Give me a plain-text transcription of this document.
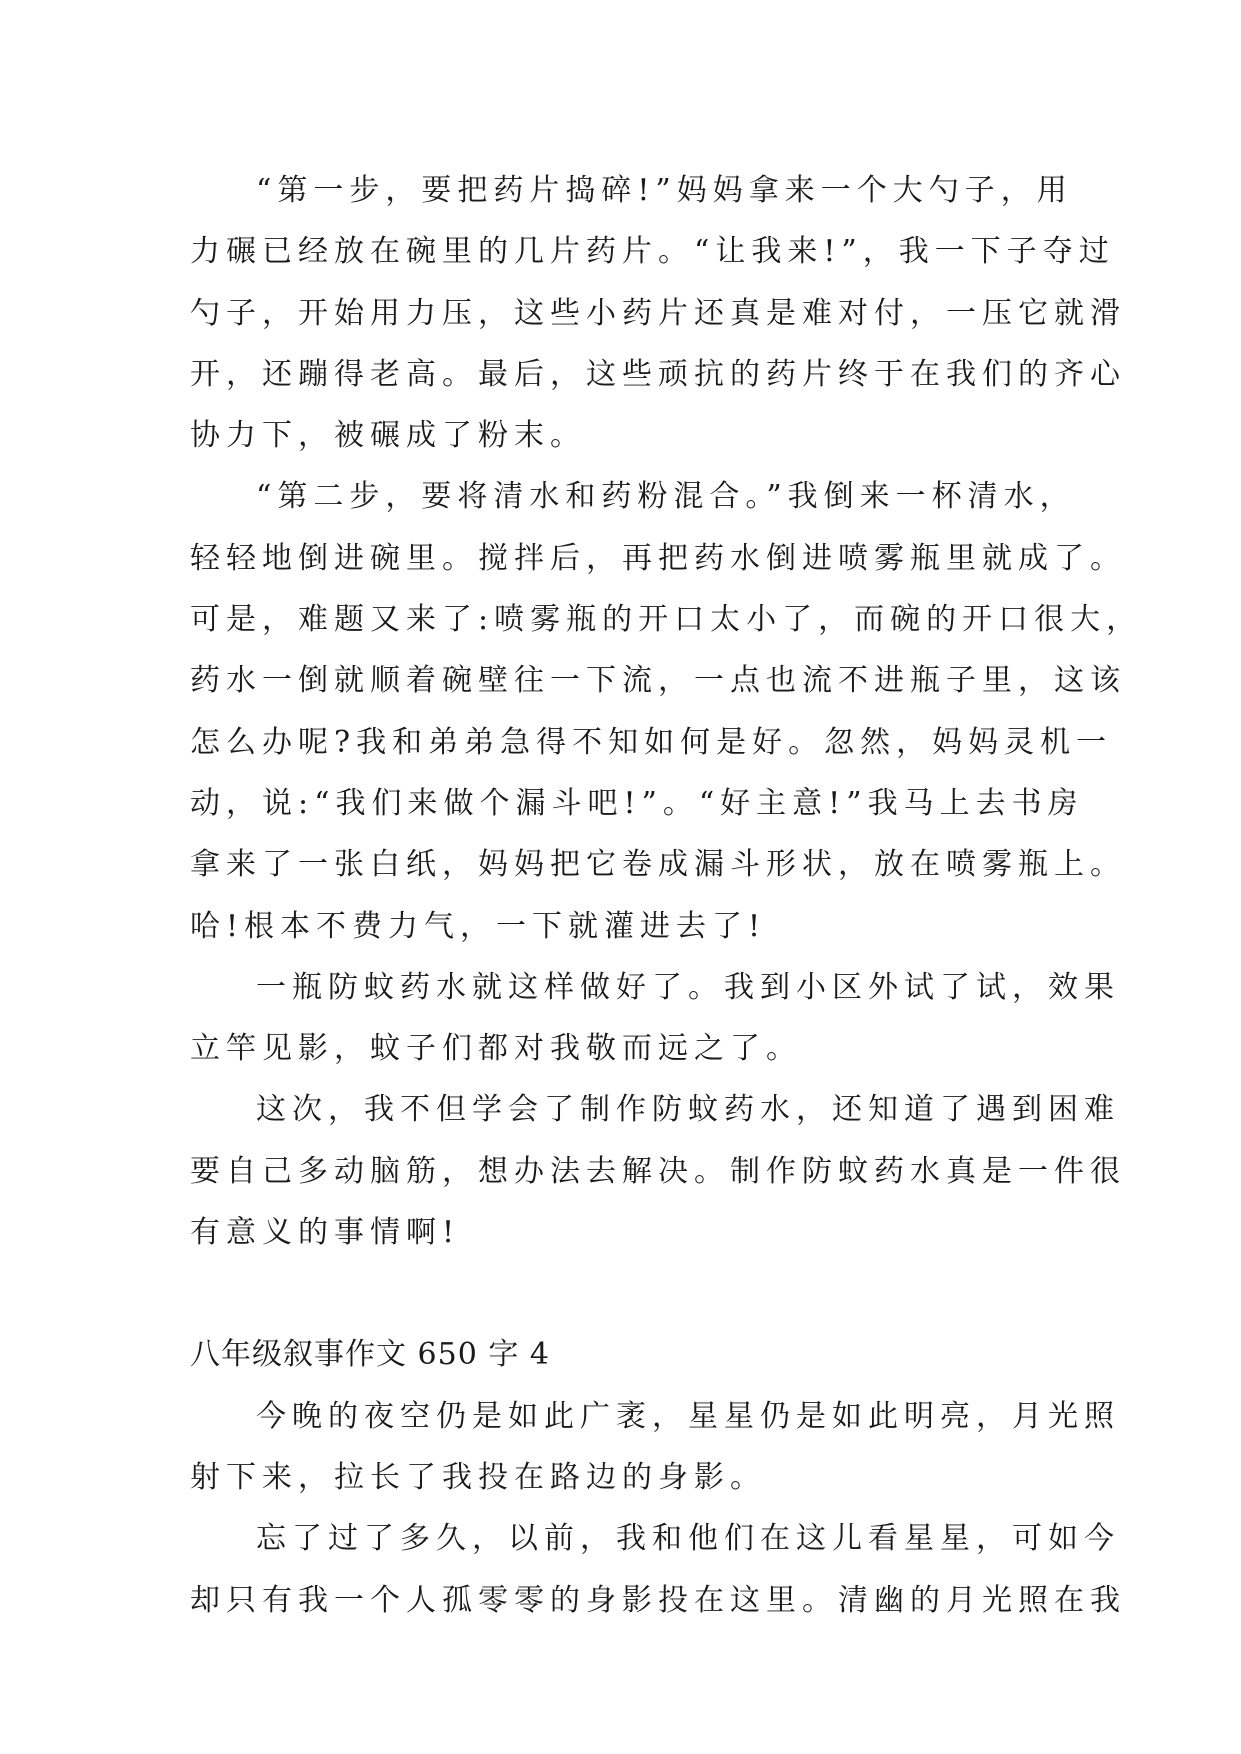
“第一步，要把药片捣碎!”妈妈拿来一个大勺子，用

力碾已经放在碗里的几片药片。“让我来!”，我一下子夺过

勺子，开始用力压，这些小药片还真是难对付，一压它就滑

开，还蹦得老高。最后，这些顽抗的药片终于在我们的齐心

协力下，被碾成了粉末。

“第二步，要将清水和药粉混合。”我倒来一杯清水，

轻轻地倒进碗里。搅拌后，再把药水倒进喷雾瓶里就成了。

可是，难题又来了:喷雾瓶的开口太小了，而碗的开口很大，

药水一倒就顺着碗壁往一下流，一点也流不进瓶子里，这该

怎么办呢?我和弟弟急得不知如何是好。忽然，妈妈灵机一

动，说:“我们来做个漏斗吧!”。“好主意!”我马上去书房

拿来了一张白纸，妈妈把它卷成漏斗形状，放在喷雾瓶上。

哈!根本不费力气，一下就灌进去了!

一瓶防蚊药水就这样做好了。我到小区外试了试，效果

立竿见影，蚊子们都对我敬而远之了。

这次，我不但学会了制作防蚊药水，还知道了遇到困难

要自己多动脑筋，想办法去解决。制作防蚊药水真是一件很

有意义的事情啊!

八年级叙事作文 650 字 4

今晚的夜空仍是如此广袤，星星仍是如此明亮，月光照

射下来，拉长了我投在路边的身影。

忘了过了多久，以前，我和他们在这儿看星星，可如今

却只有我一个人孤零零的身影投在这里。清幽的月光照在我
